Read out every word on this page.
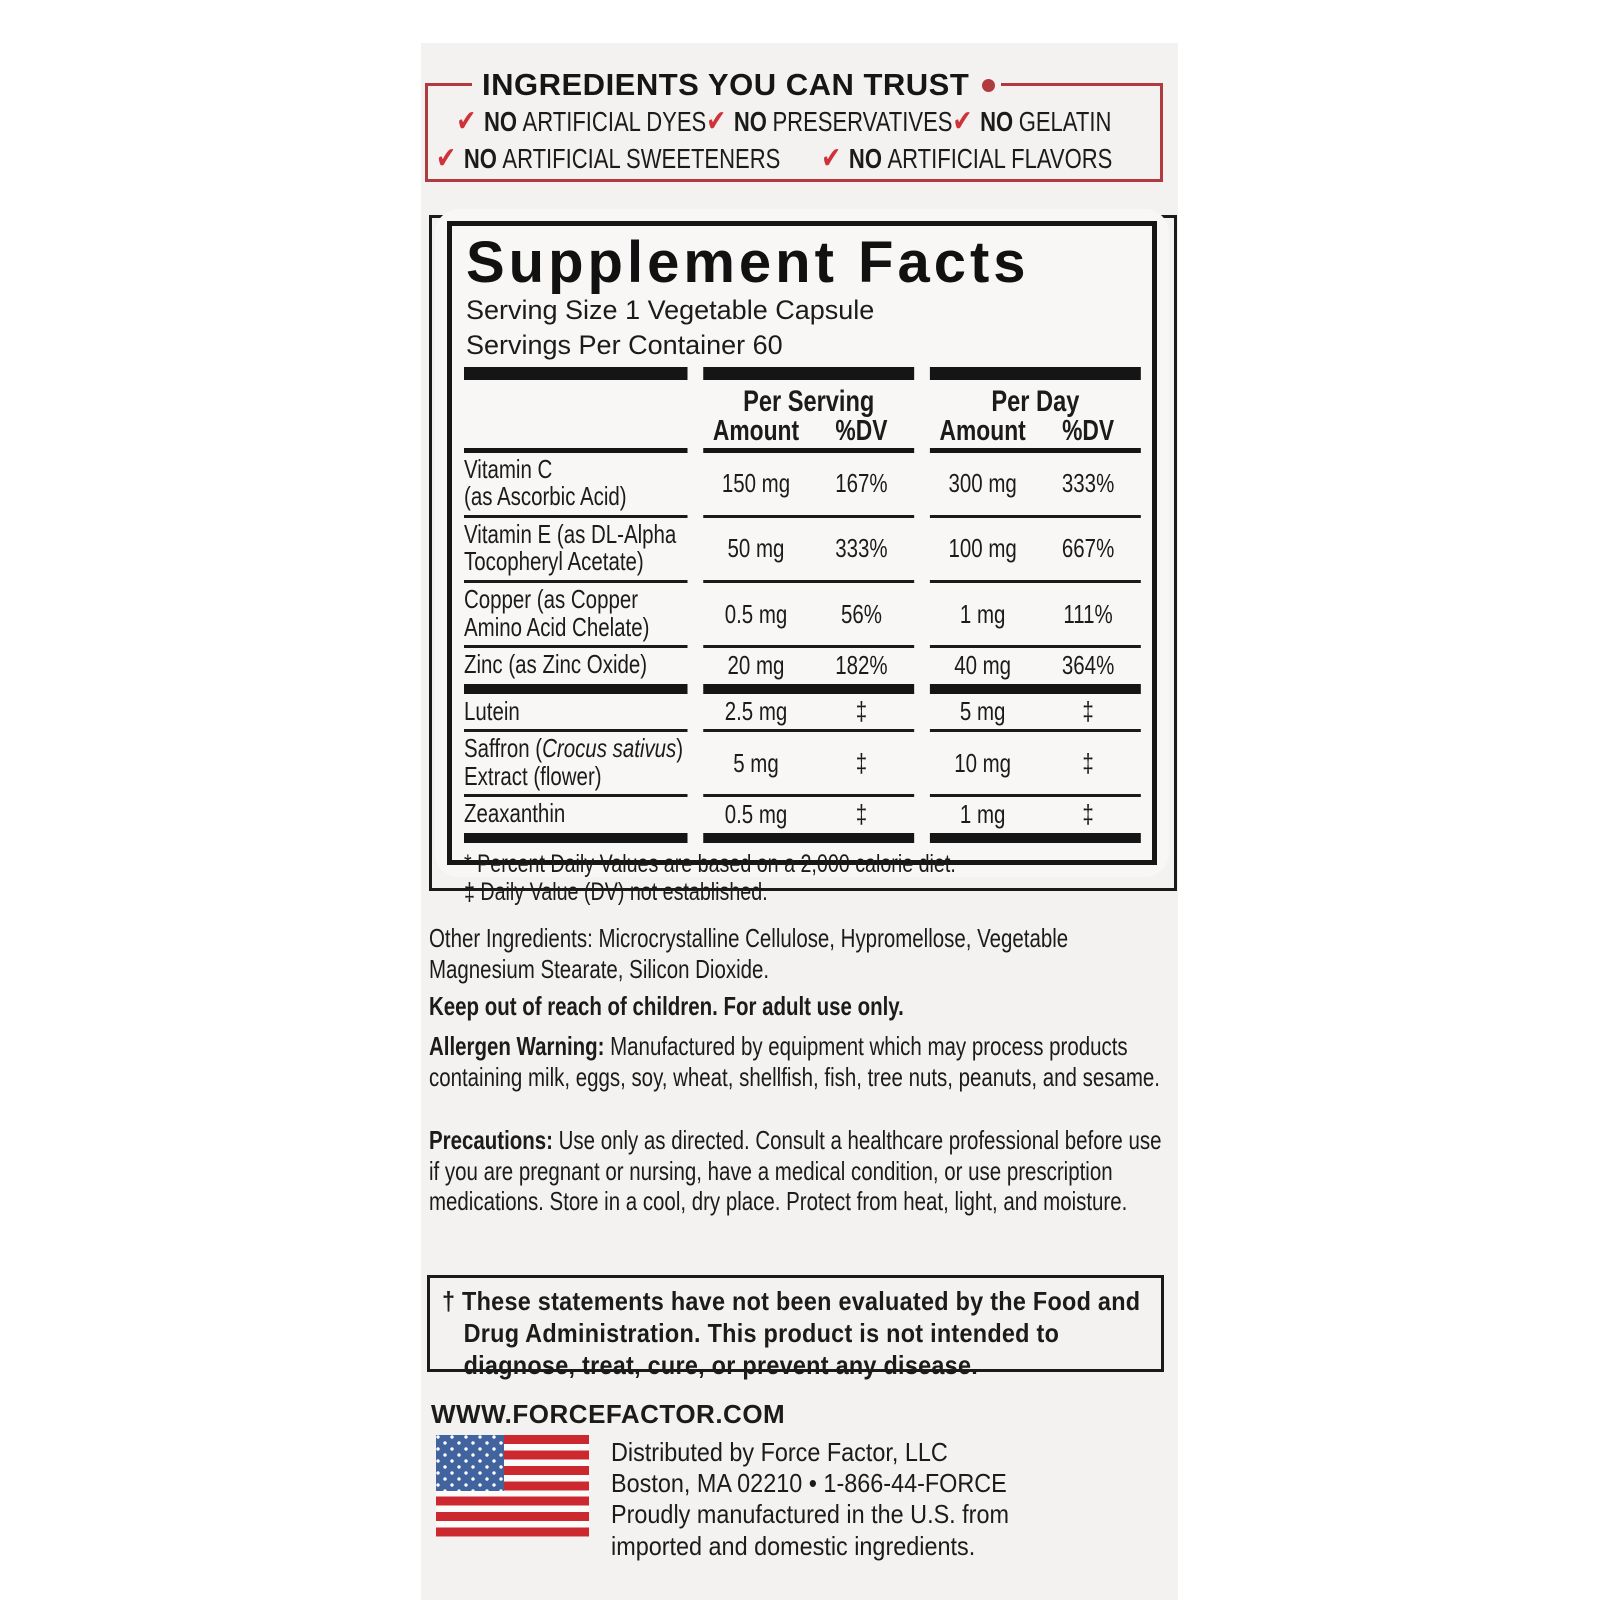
INGREDIENTS YOU CAN TRUST
✔ NO ARTIFICIAL DYES ✔ NO PRESERVATIVES ✔ NO GELATIN
✔ NO ARTIFICIAL SWEETENERS ✔ NO ARTIFICIAL FLAVORS
Supplement Facts
Serving Size 1 Vegetable Capsule
Servings Per Container 60
Per Serving	Per Day
Amount	%DV	Amount	%DV
Vitamin C
(as Ascorbic Acid)	150 mg	167%	300 mg	333%
Vitamin E (as DL-Alpha
Tocopheryl Acetate)	50 mg	333%	100 mg	667%
Copper (as Copper
Amino Acid Chelate)	0.5 mg	56%	1 mg	111%
Zinc (as Zinc Oxide)	20 mg	182%	40 mg	364%
Lutein	2.5 mg	‡	5 mg	‡
Saffron (Crocus sativus)
Extract (flower)	5 mg	‡	10 mg	‡
Zeaxanthin	0.5 mg	‡	1 mg	‡
* Percent Daily Values are based on a 2,000 calorie diet.
‡ Daily Value (DV) not established.
Other Ingredients: Microcrystalline Cellulose, Hypromellose, Vegetable Magnesium Stearate, Silicon Dioxide.
Keep out of reach of children. For adult use only.
Allergen Warning: Manufactured by equipment which may process products containing milk, eggs, soy, wheat, shellfish, fish, tree nuts, peanuts, and sesame.
Precautions: Use only as directed. Consult a healthcare professional before use if you are pregnant or nursing, have a medical condition, or use prescription medications. Store in a cool, dry place. Protect from heat, light, and moisture.
† These statements have not been evaluated by the Food and Drug Administration. This product is not intended to diagnose, treat, cure, or prevent any disease.
WWW.FORCEFACTOR.COM
Distributed by Force Factor, LLC
Boston, MA 02210 • 1-866-44-FORCE
Proudly manufactured in the U.S. from
imported and domestic ingredients.
